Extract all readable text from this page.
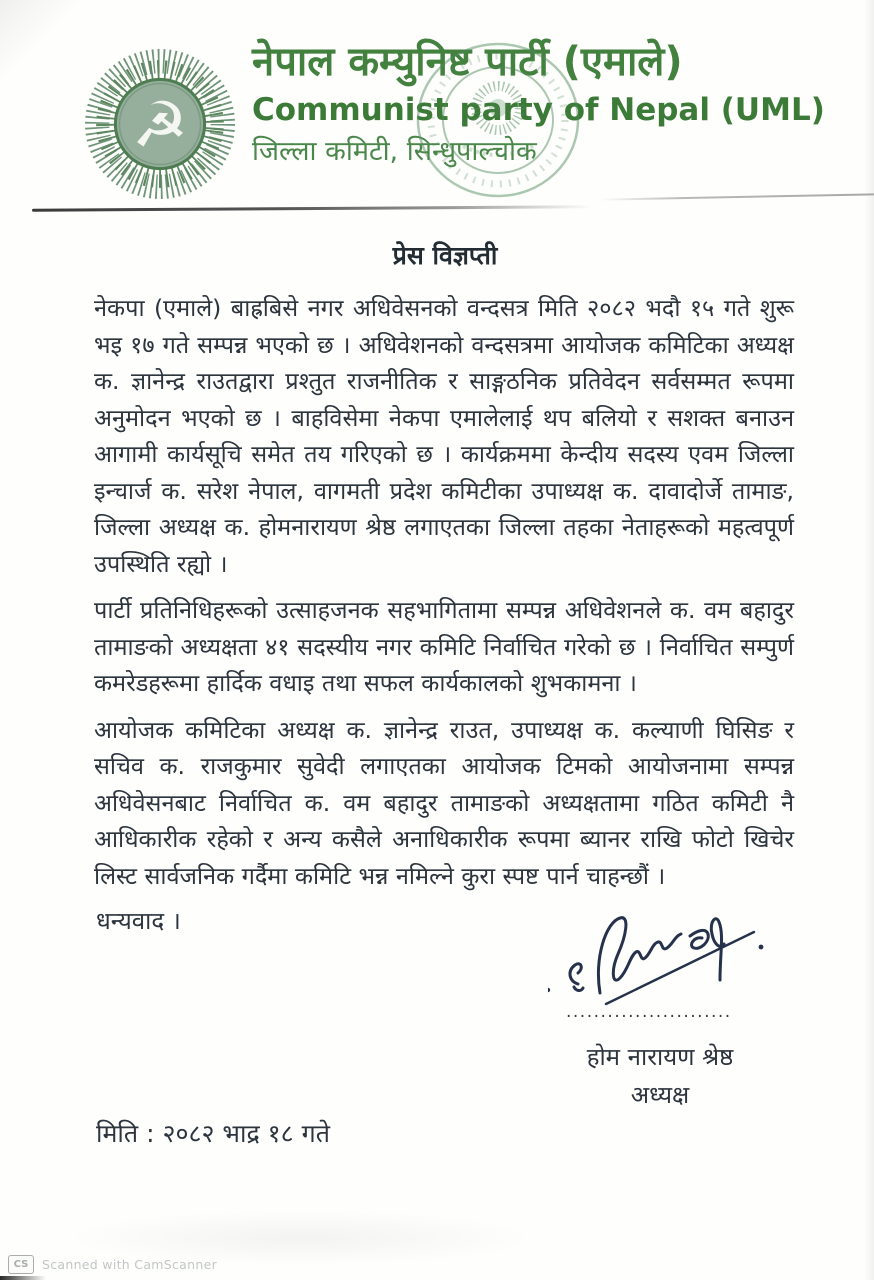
☭
नेपाल कम्युनिष्ट पार्टी (एमाले)
Communist party of Nepal (UML)
जिल्ला कमिटी, सिन्धुपाल्चोक
प्रेस विज्ञप्ती

नेकपा (एमाले) बाह्रबिसे नगर अधिवेसनको वन्दसत्र मिति २०८२ भदौ १५ गते शुरू भइ १७ गते सम्पन्न भएको छ । अधिवेशनको वन्दसत्रमा आयोजक कमिटिका अध्यक्ष क. ज्ञानेन्द्र राउतद्वारा प्रश्तुत राजनीतिक र साङ्गठनिक प्रतिवेदन सर्वसम्मत रूपमा अनुमोदन भएको छ । बाहविसेमा नेकपा एमालेलाई थप बलियो र सशक्त बनाउन आगामी कार्यसूचि समेत तय गरिएको छ । कार्यक्रममा केन्दीय सदस्य एवम जिल्ला इन्चार्ज क. सरेश नेपाल, वागमती प्रदेश कमिटीका उपाध्यक्ष क. दावादोर्जे तामाङ, जिल्ला अध्यक्ष क. होमनारायण श्रेष्ठ लगाएतका जिल्ला तहका नेताहरूको महत्वपूर्ण उपस्थिति रह्यो ।

पार्टी प्रतिनिधिहरूको उत्साहजनक सहभागितामा सम्पन्न अधिवेशनले क. वम बहादुर तामाङको अध्यक्षता ४१ सदस्यीय नगर कमिटि निर्वाचित गरेको छ । निर्वाचित सम्पुर्ण कमरेडहरूमा हार्दिक वधाइ तथा सफल कार्यकालको शुभकामना ।

आयोजक कमिटिका अध्यक्ष क. ज्ञानेन्द्र राउत, उपाध्यक्ष क. कल्याणी घिसिङ र सचिव क. राजकुमार सुवेदी लगाएतका आयोजक टिमको आयोजनामा सम्पन्न अधिवेसनबाट निर्वाचित क. वम बहादुर तामाङको अध्यक्षतामा गठित कमिटी नै आधिकारीक रहेको र अन्य कसैले अनाधिकारीक रूपमा ब्यानर राखि फोटो खिचेर लिस्ट सार्वजनिक गर्दैमा कमिटि भन्न नमिल्ने कुरा स्पष्ट पार्न चाहन्छौं ।

धन्यवाद ।
........................
होम नारायण श्रेष्ठ
अध्यक्ष
मिति : २०८२ भाद्र १८ गते
CS	Scanned with CamScanner
